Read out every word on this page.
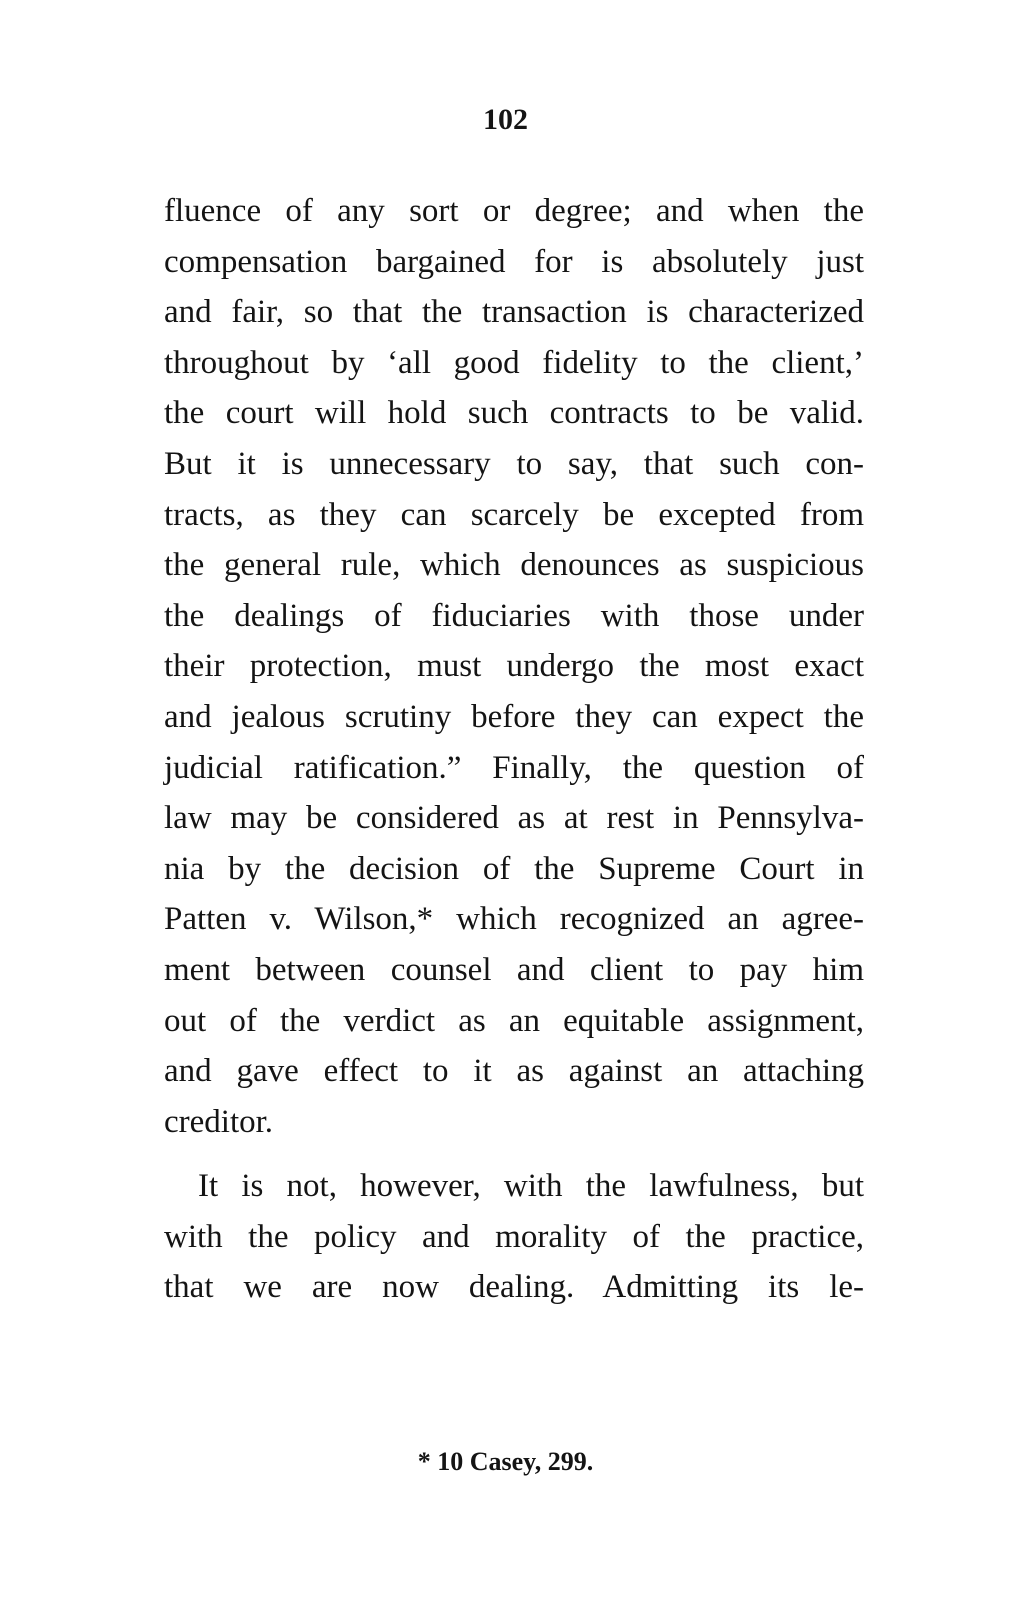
102
fluence of any sort or degree; and when the
compensation bargained for is absolutely just
and fair, so that the transaction is characterized
throughout by ‘all good fidelity to the client,’
the court will hold such contracts to be valid.
But it is unnecessary to say, that such con-
tracts, as they can scarcely be excepted from
the general rule, which denounces as suspicious
the dealings of fiduciaries with those under
their protection, must undergo the most exact
and jealous scrutiny before they can expect the
judicial ratification.” Finally, the question of
law may be considered as at rest in Pennsylva-
nia by the decision of the Supreme Court in
Patten v. Wilson,* which recognized an agree-
ment between counsel and client to pay him
out of the verdict as an equitable assignment,
and gave effect to it as against an attaching
creditor.
It is not, however, with the lawfulness, but
with the policy and morality of the practice,
that we are now dealing. Admitting its le-
* 10 Casey, 299.
